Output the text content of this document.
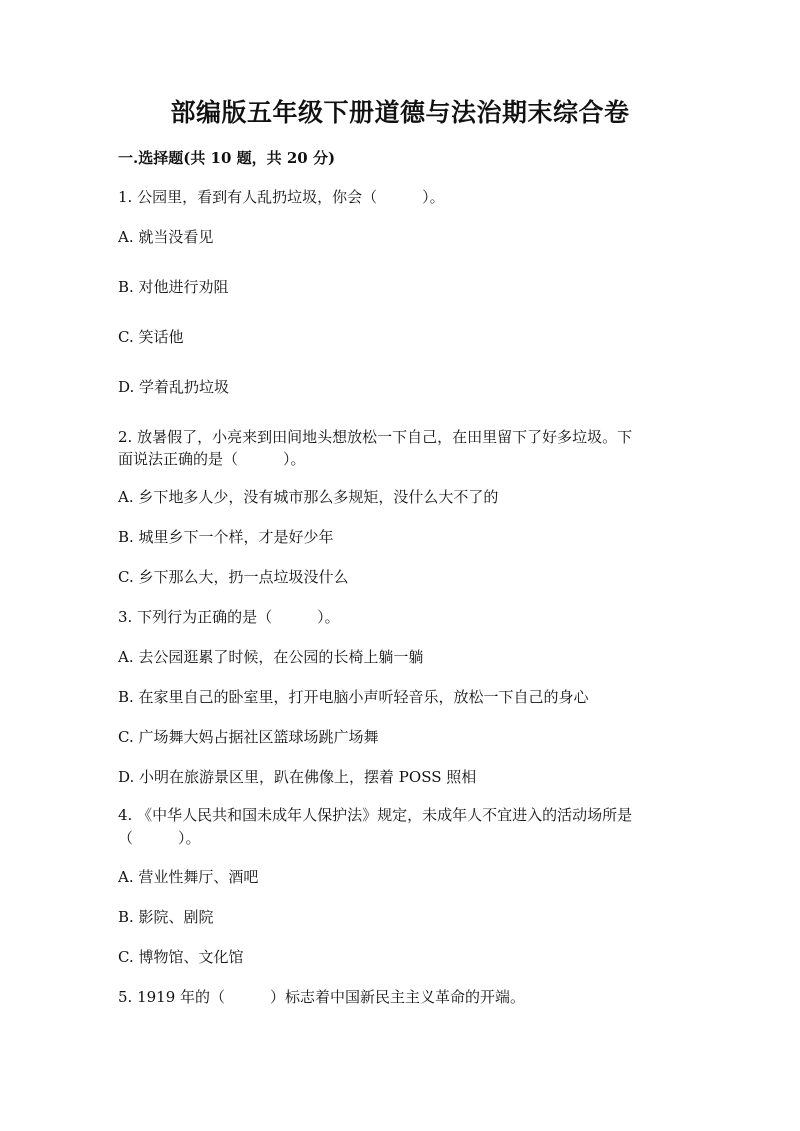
部编版五年级下册道德与法治期末综合卷
一.选择题(共 10 题，共 20 分)
1. 公园里，看到有人乱扔垃圾，你会（　　　）。
A. 就当没看见
B. 对他进行劝阻
C. 笑话他
D. 学着乱扔垃圾
2. 放暑假了，小亮来到田间地头想放松一下自己，在田里留下了好多垃圾。下
面说法正确的是（　　　）。
A. 乡下地多人少，没有城市那么多规矩，没什么大不了的
B. 城里乡下一个样，才是好少年
C. 乡下那么大，扔一点垃圾没什么
3. 下列行为正确的是（　　　）。
A. 去公园逛累了时候，在公园的长椅上躺一躺
B. 在家里自己的卧室里，打开电脑小声听轻音乐，放松一下自己的身心
C. 广场舞大妈占据社区篮球场跳广场舞
D. 小明在旅游景区里，趴在佛像上，摆着 POSS 照相
4. 《中华人民共和国未成年人保护法》规定，未成年人不宜进入的活动场所是
（　　　）。
A. 营业性舞厅、酒吧
B. 影院、剧院
C. 博物馆、文化馆
5. 1919 年的（　　　）标志着中国新民主主义革命的开端。
